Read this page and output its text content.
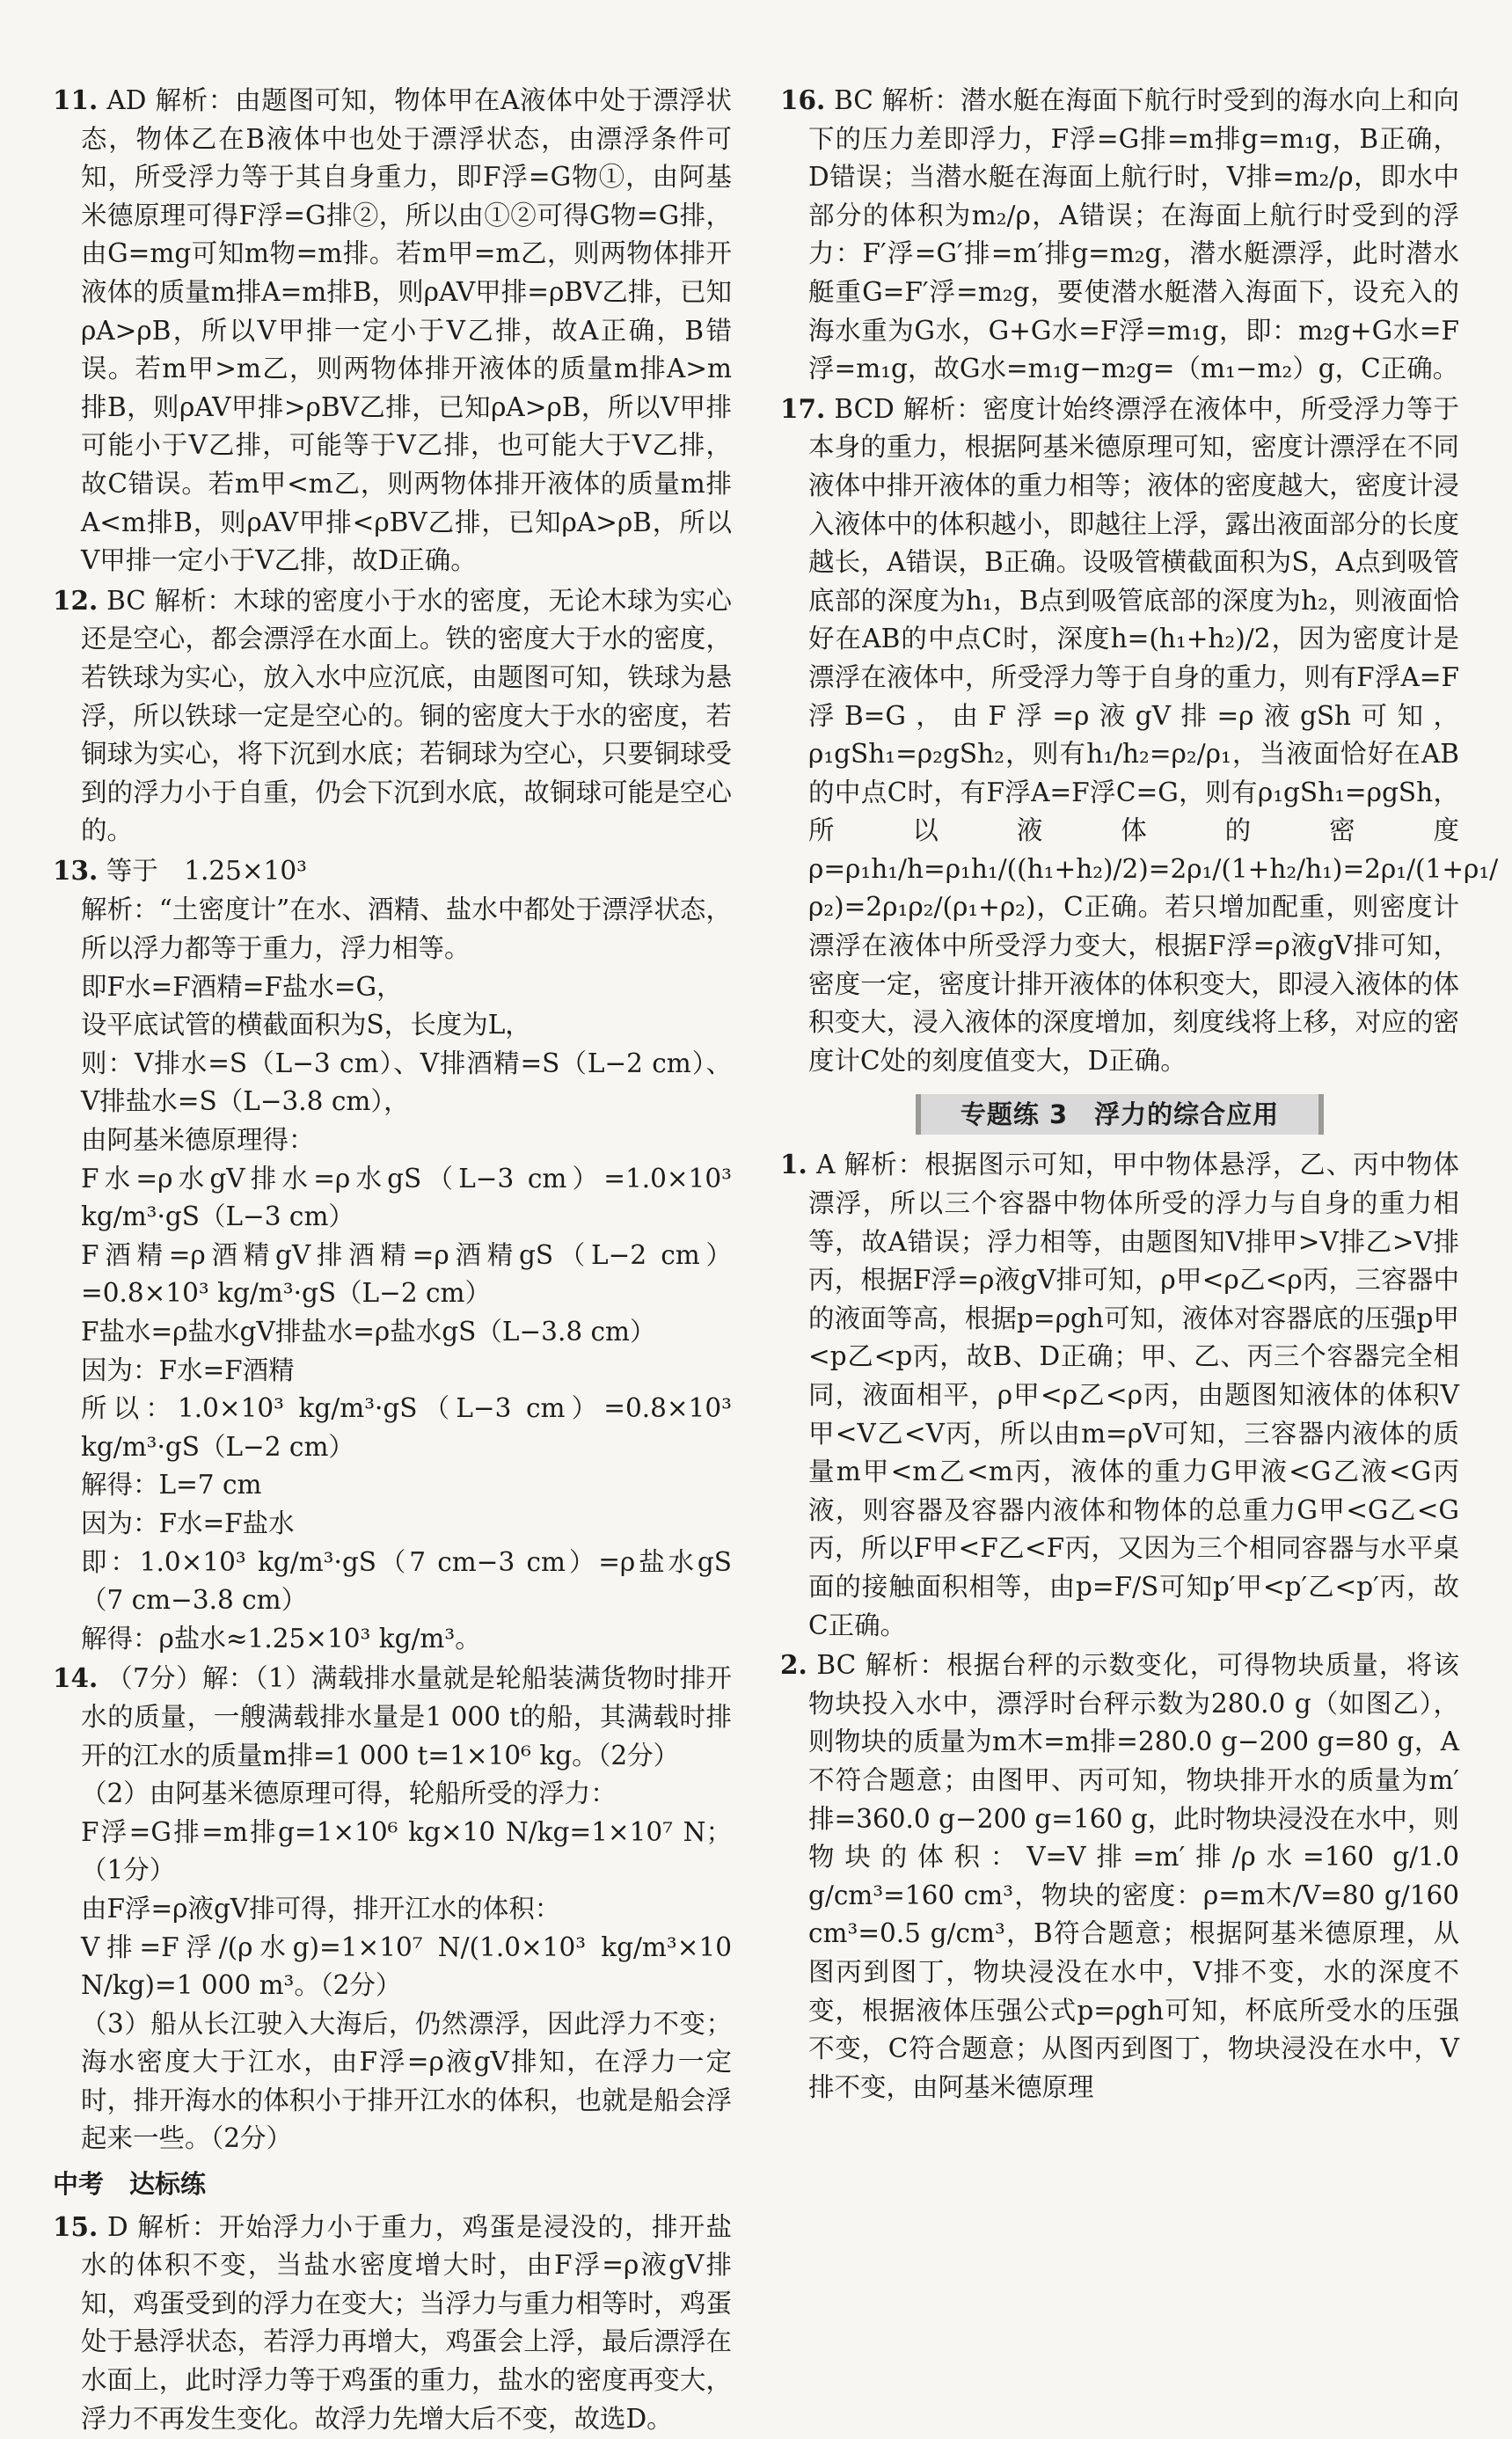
11. AD 解析：由题图可知，物体甲在A液体中处于漂浮状态，物体乙在B液体中也处于漂浮状态，由漂浮条件可知，所受浮力等于其自身重力，即F浮=G物①，由阿基米德原理可得F浮=G排②，所以由①②可得G物=G排，由G=mg可知m物=m排。若m甲=m乙，则两物体排开液体的质量m排A=m排B，则ρAV甲排=ρBV乙排，已知ρA>ρB，所以V甲排一定小于V乙排，故A正确，B错误。若m甲>m乙，则两物体排开液体的质量m排A>m排B，则ρAV甲排>ρBV乙排，已知ρA>ρB，所以V甲排可能小于V乙排，可能等于V乙排，也可能大于V乙排，故C错误。若m甲<m乙，则两物体排开液体的质量m排A<m排B，则ρAV甲排<ρBV乙排，已知ρA>ρB，所以V甲排一定小于V乙排，故D正确。

12. BC 解析：木球的密度小于水的密度，无论木球为实心还是空心，都会漂浮在水面上。铁的密度大于水的密度，若铁球为实心，放入水中应沉底，由题图可知，铁球为悬浮，所以铁球一定是空心的。铜的密度大于水的密度，若铜球为实心，将下沉到水底；若铜球为空心，只要铜球受到的浮力小于自重，仍会下沉到水底，故铜球可能是空心的。

13. 等于　1.25×10³

解析：“土密度计”在水、酒精、盐水中都处于漂浮状态，所以浮力都等于重力，浮力相等。
即F水=F酒精=F盐水=G，
设平底试管的横截面积为S，长度为L，
则：V排水=S（L−3 cm）、V排酒精=S（L−2 cm）、V排盐水=S（L−3.8 cm），
由阿基米德原理得：
F水=ρ水gV排水=ρ水gS（L−3 cm）=1.0×10³ kg/m³·gS（L−3 cm）
F酒精=ρ酒精gV排酒精=ρ酒精gS（L−2 cm）=0.8×10³ kg/m³·gS（L−2 cm）
F盐水=ρ盐水gV排盐水=ρ盐水gS（L−3.8 cm）
因为：F水=F酒精
所以：1.0×10³ kg/m³·gS（L−3 cm）=0.8×10³ kg/m³·gS（L−2 cm）
解得：L=7 cm
因为：F水=F盐水
即：1.0×10³ kg/m³·gS（7 cm−3 cm）=ρ盐水gS（7 cm−3.8 cm）
解得：ρ盐水≈1.25×10³ kg/m³。

14. （7分）解：（1）满载排水量就是轮船装满货物时排开水的质量，一艘满载排水量是1 000 t的船，其满载时排开的江水的质量m排=1 000 t=1×10⁶ kg。（2分）
（2）由阿基米德原理可得，轮船所受的浮力：
F浮=G排=m排g=1×10⁶ kg×10 N/kg=1×10⁷ N；（1分）
由F浮=ρ液gV排可得，排开江水的体积：
V排=F浮/(ρ水g)=1×10⁷ N/(1.0×10³ kg/m³×10 N/kg)=1 000 m³。（2分）
（3）船从长江驶入大海后，仍然漂浮，因此浮力不变；海水密度大于江水，由F浮=ρ液gV排知，在浮力一定时，排开海水的体积小于排开江水的体积，也就是船会浮起来一些。（2分）

中考　达标练

15. D 解析：开始浮力小于重力，鸡蛋是浸没的，排开盐水的体积不变，当盐水密度增大时，由F浮=ρ液gV排知，鸡蛋受到的浮力在变大；当浮力与重力相等时，鸡蛋处于悬浮状态，若浮力再增大，鸡蛋会上浮，最后漂浮在水面上，此时浮力等于鸡蛋的重力，盐水的密度再变大，浮力不再发生变化。故浮力先增大后不变，故选D。

16. BC 解析：潜水艇在海面下航行时受到的海水向上和向下的压力差即浮力，F浮=G排=m排g=m₁g，B正确，D错误；当潜水艇在海面上航行时，V排=m₂/ρ，即水中部分的体积为m₂/ρ，A错误；在海面上航行时受到的浮力：F′浮=G′排=m′排g=m₂g，潜水艇漂浮，此时潜水艇重G=F′浮=m₂g，要使潜水艇潜入海面下，设充入的海水重为G水，G+G水=F浮=m₁g，即：m₂g+G水=F浮=m₁g，故G水=m₁g−m₂g=（m₁−m₂）g，C正确。

17. BCD 解析：密度计始终漂浮在液体中，所受浮力等于本身的重力，根据阿基米德原理可知，密度计漂浮在不同液体中排开液体的重力相等；液体的密度越大，密度计浸入液体中的体积越小，即越往上浮，露出液面部分的长度越长，A错误，B正确。设吸管横截面积为S，A点到吸管底部的深度为h₁，B点到吸管底部的深度为h₂，则液面恰好在AB的中点C时，深度h=(h₁+h₂)/2，因为密度计是漂浮在液体中，所受浮力等于自身的重力，则有F浮A=F浮B=G，由F浮=ρ液gV排=ρ液gSh可知，ρ₁gSh₁=ρ₂gSh₂，则有h₁/h₂=ρ₂/ρ₁，当液面恰好在AB的中点C时，有F浮A=F浮C=G，则有ρ₁gSh₁=ρgSh，所以液体的密度ρ=ρ₁h₁/h=ρ₁h₁/((h₁+h₂)/2)=2ρ₁/(1+h₂/h₁)=2ρ₁/(1+ρ₁/ρ₂)=2ρ₁ρ₂/(ρ₁+ρ₂)，C正确。若只增加配重，则密度计漂浮在液体中所受浮力变大，根据F浮=ρ液gV排可知，密度一定，密度计排开液体的体积变大，即浸入液体的体积变大，浸入液体的深度增加，刻度线将上移，对应的密度计C处的刻度值变大，D正确。

专题练 3　浮力的综合应用

1. A 解析：根据图示可知，甲中物体悬浮，乙、丙中物体漂浮，所以三个容器中物体所受的浮力与自身的重力相等，故A错误；浮力相等，由题图知V排甲>V排乙>V排丙，根据F浮=ρ液gV排可知，ρ甲<ρ乙<ρ丙，三容器中的液面等高，根据p=ρgh可知，液体对容器底的压强p甲<p乙<p丙，故B、D正确；甲、乙、丙三个容器完全相同，液面相平，ρ甲<ρ乙<ρ丙，由题图知液体的体积V甲<V乙<V丙，所以由m=ρV可知，三容器内液体的质量m甲<m乙<m丙，液体的重力G甲液<G乙液<G丙液，则容器及容器内液体和物体的总重力G甲<G乙<G丙，所以F甲<F乙<F丙，又因为三个相同容器与水平桌面的接触面积相等，由p=F/S可知p′甲<p′乙<p′丙，故C正确。

2. BC 解析：根据台秤的示数变化，可得物块质量，将该物块投入水中，漂浮时台秤示数为280.0 g（如图乙），则物块的质量为m木=m排=280.0 g−200 g=80 g，A不符合题意；由图甲、丙可知，物块排开水的质量为m′排=360.0 g−200 g=160 g，此时物块浸没在水中，则物块的体积：V=V排=m′排/ρ水=160 g/1.0 g/cm³=160 cm³，物块的密度：ρ=m木/V=80 g/160 cm³=0.5 g/cm³，B符合题意；根据阿基米德原理，从图丙到图丁，物块浸没在水中，V排不变，水的深度不变，根据液体压强公式p=ρgh可知，杯底所受水的压强不变，C符合题意；从图丙到图丁，物块浸没在水中，V排不变，由阿基米德原理
